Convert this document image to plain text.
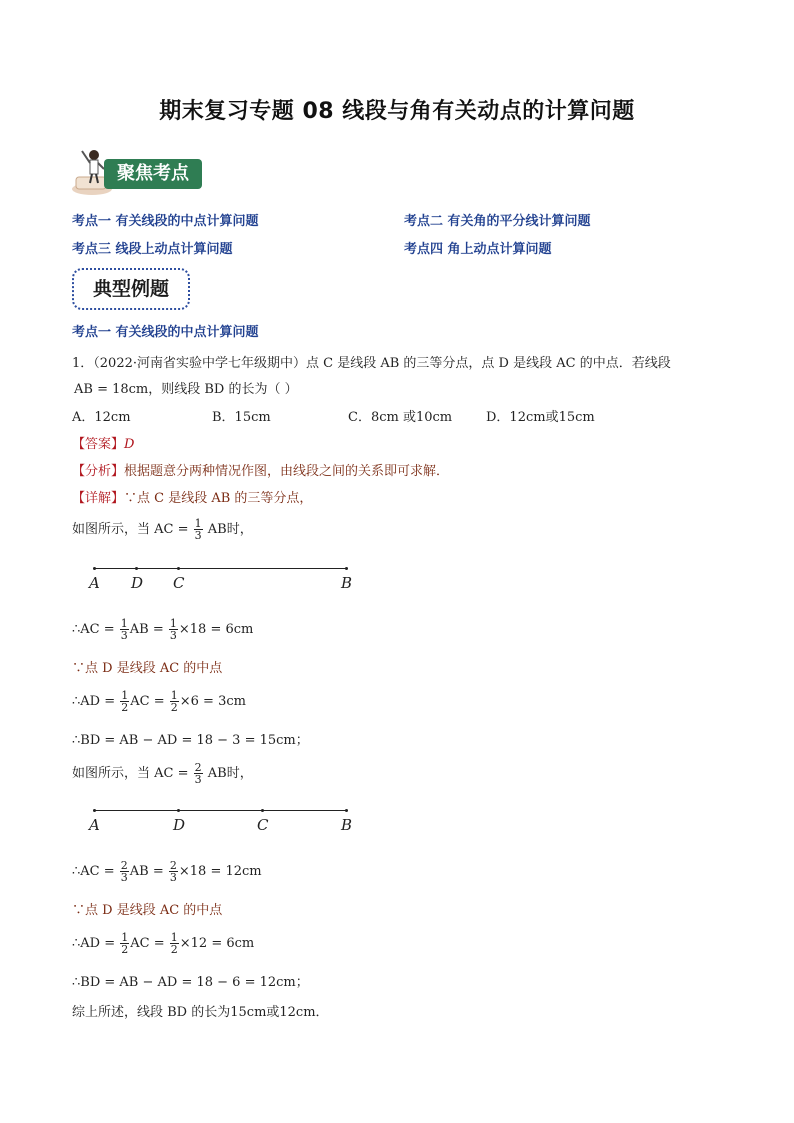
期末复习专题 08 线段与角有关动点的计算问题
聚焦考点
考点一 有关线段的中点计算问题	考点二 有关角的平分线计算问题
考点三 线段上动点计算问题	考点四 角上动点计算问题
典型例题
考点一 有关线段的中点计算问题
1．（2022·河南省实验中学七年级期中）点 C 是线段 AB 的三等分点，点 D 是线段 AC 的中点．若线段
AB = 18cm，则线段 BD 的长为（ ）
A．12cm	B．15cm	C．8cm 或10cm	D．12cm或15cm
【答案】D
【分析】根据题意分两种情况作图，由线段之间的关系即可求解．
【详解】∵点 C 是线段 AB 的三等分点，
如图所示，当 AC = $\frac{1}{3}$ AB时，
A D C	B
∴AC = $\frac{1}{3}$ AB = $\frac{1}{3} \times 18 = 6cm$
∵点 D 是线段 AC 的中点
∴AD = $\frac{1}{2}$ AC = $\frac{1}{2} \times 6 = 3cm$
∴BD = AB − AD = 18 − 3 = 15cm；
如图所示，当 AC = $\frac{2}{3}$ AB时，
A	D	C	B
∴AC = $\frac{2}{3}$ AB = $\frac{2}{3} \times 18 = 12cm$
∵点 D 是线段 AC 的中点
∴AD = $\frac{1}{2}$ AC = $\frac{1}{2} \times 12 = 6cm$
∴BD = AB − AD = 18 − 6 = 12cm；
综上所述，线段 BD 的长为15cm或12cm．
